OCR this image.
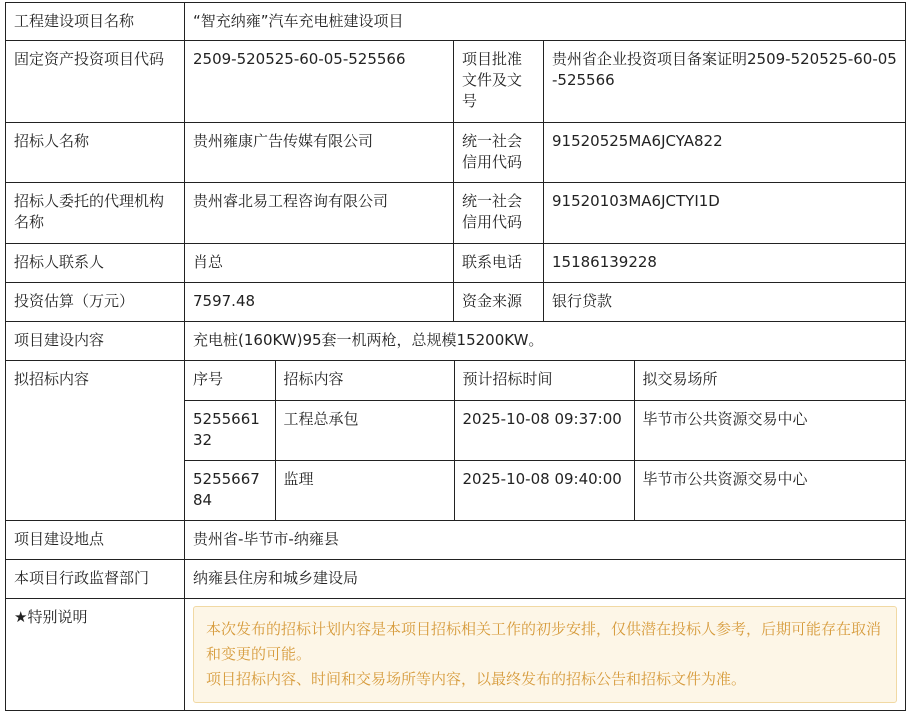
工程建设项目名称	“智充纳雍”汽车充电桩建设项目
固定资产投资项目代码	2509-520525-60-05-525566	项目批准文件及文号	贵州省企业投资项目备案证明2509-520525-60-05-525566
招标人名称	贵州雍康广告传媒有限公司	统一社会信用代码	91520525MA6JCYA822
招标人委托的代理机构名称	贵州睿北易工程咨询有限公司	统一社会信用代码	91520103MA6JCTYI1D
招标人联系人	肖总	联系电话	15186139228
投资估算（万元）	7597.48	资金来源	银行贷款
项目建设内容	充电桩(160KW)95套一机两枪，总规模15200KW。
拟招标内容		序号	招标内容	预计招标时间	拟交易场所
525566132	工程总承包	2025-10-08 09:37:00	毕节市公共资源交易中心
525566784	监理	2025-10-08 09:40:00	毕节市公共资源交易中心

项目建设地点	贵州省-毕节市-纳雍县
本项目行政监督部门	纳雍县住房和城乡建设局
★特别说明	
本次发布的招标计划内容是本项目招标相关工作的初步安排，仅供潜在投标人参考，后期可能存在取消和变更的可能。
项目招标内容、时间和交易场所等内容，以最终发布的招标公告和招标文件为准。
